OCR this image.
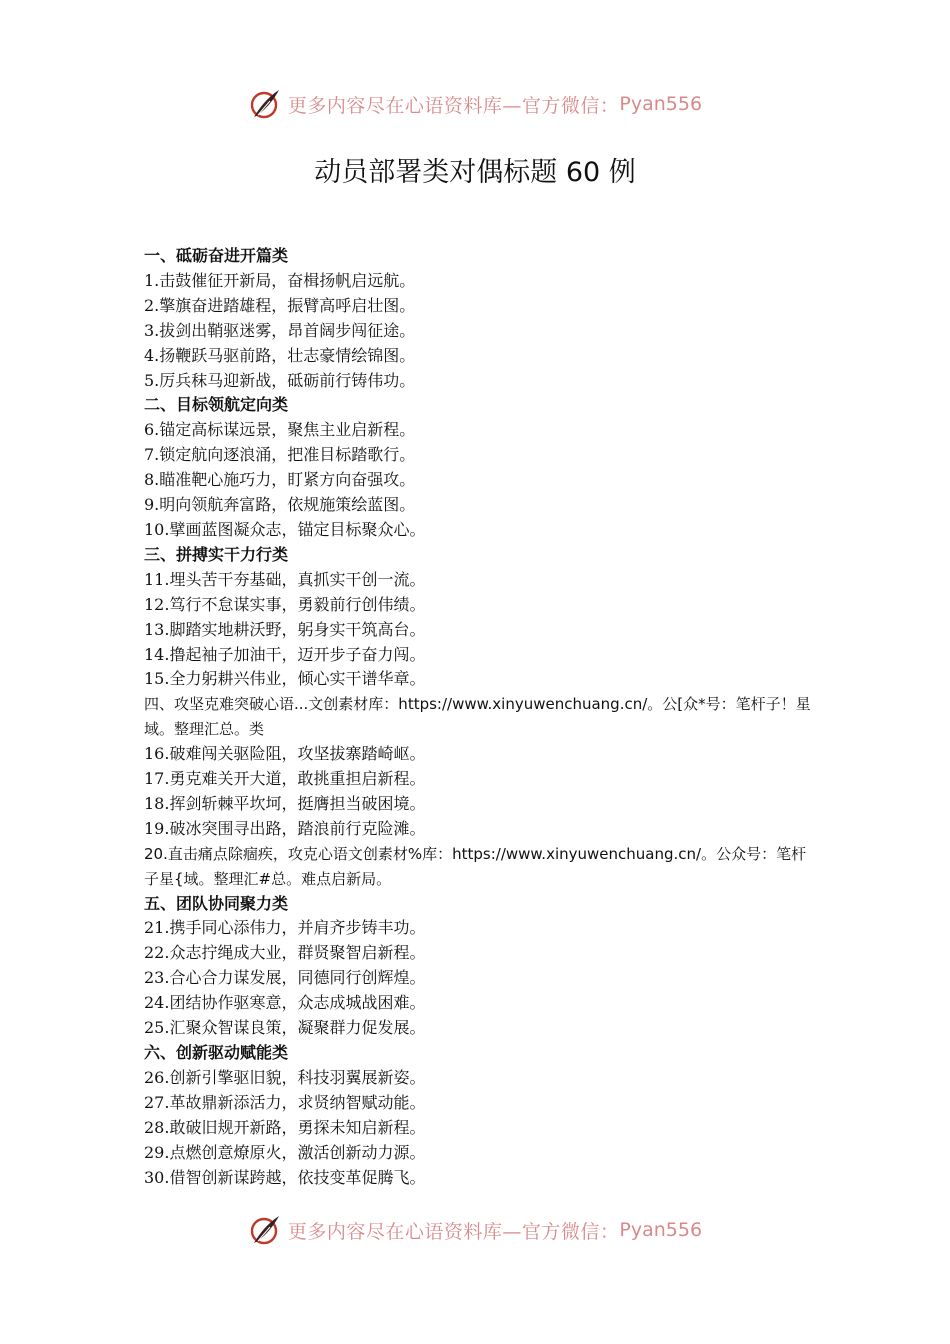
更多内容尽在心语资料库—官方微信： Pyan556
动员部署类对偶标题 60 例
一、砥砺奋进开篇类
1.击鼓催征开新局，奋楫扬帆启远航。
2.擎旗奋进踏雄程，振臂高呼启壮图。
3.拔剑出鞘驱迷雾，昂首阔步闯征途。
4.扬鞭跃马驱前路，壮志豪情绘锦图。
5.厉兵秣马迎新战，砥砺前行铸伟功。
二、目标领航定向类
6.锚定高标谋远景，聚焦主业启新程。
7.锁定航向逐浪涌，把准目标踏歌行。
8.瞄准靶心施巧力，盯紧方向奋强攻。
9.明向领航奔富路，依规施策绘蓝图。
10.擘画蓝图凝众志，锚定目标聚众心。
三、拼搏实干力行类
11.埋头苦干夯基础，真抓实干创一流。
12.笃行不怠谋实事，勇毅前行创伟绩。
13.脚踏实地耕沃野，躬身实干筑高台。
14.撸起袖子加油干，迈开步子奋力闯。
15.全力躬耕兴伟业，倾心实干谱华章。
四、攻坚克难突破心语...文创素材库：https://www.xinyuwenchuang.cn/。公[众*号：笔杆子！星域。整理汇总。类
16.破难闯关驱险阻，攻坚拔寨踏崎岖。
17.勇克难关开大道，敢挑重担启新程。
18.挥剑斩棘平坎坷，挺膺担当破困境。
19.破冰突围寻出路，踏浪前行克险滩。
20.直击痛点除痼疾，攻克心语文创素材%库：https://www.xinyuwenchuang.cn/。公众号：笔杆子星{域。整理汇#总。难点启新局。
五、团队协同聚力类
21.携手同心添伟力，并肩齐步铸丰功。
22.众志拧绳成大业，群贤聚智启新程。
23.合心合力谋发展，同德同行创辉煌。
24.团结协作驱寒意，众志成城战困难。
25.汇聚众智谋良策，凝聚群力促发展。
六、创新驱动赋能类
26.创新引擎驱旧貌，科技羽翼展新姿。
27.革故鼎新添活力，求贤纳智赋动能。
28.敢破旧规开新路，勇探未知启新程。
29.点燃创意燎原火，激活创新动力源。
30.借智创新谋跨越，依技变革促腾飞。
更多内容尽在心语资料库—官方微信： Pyan556
